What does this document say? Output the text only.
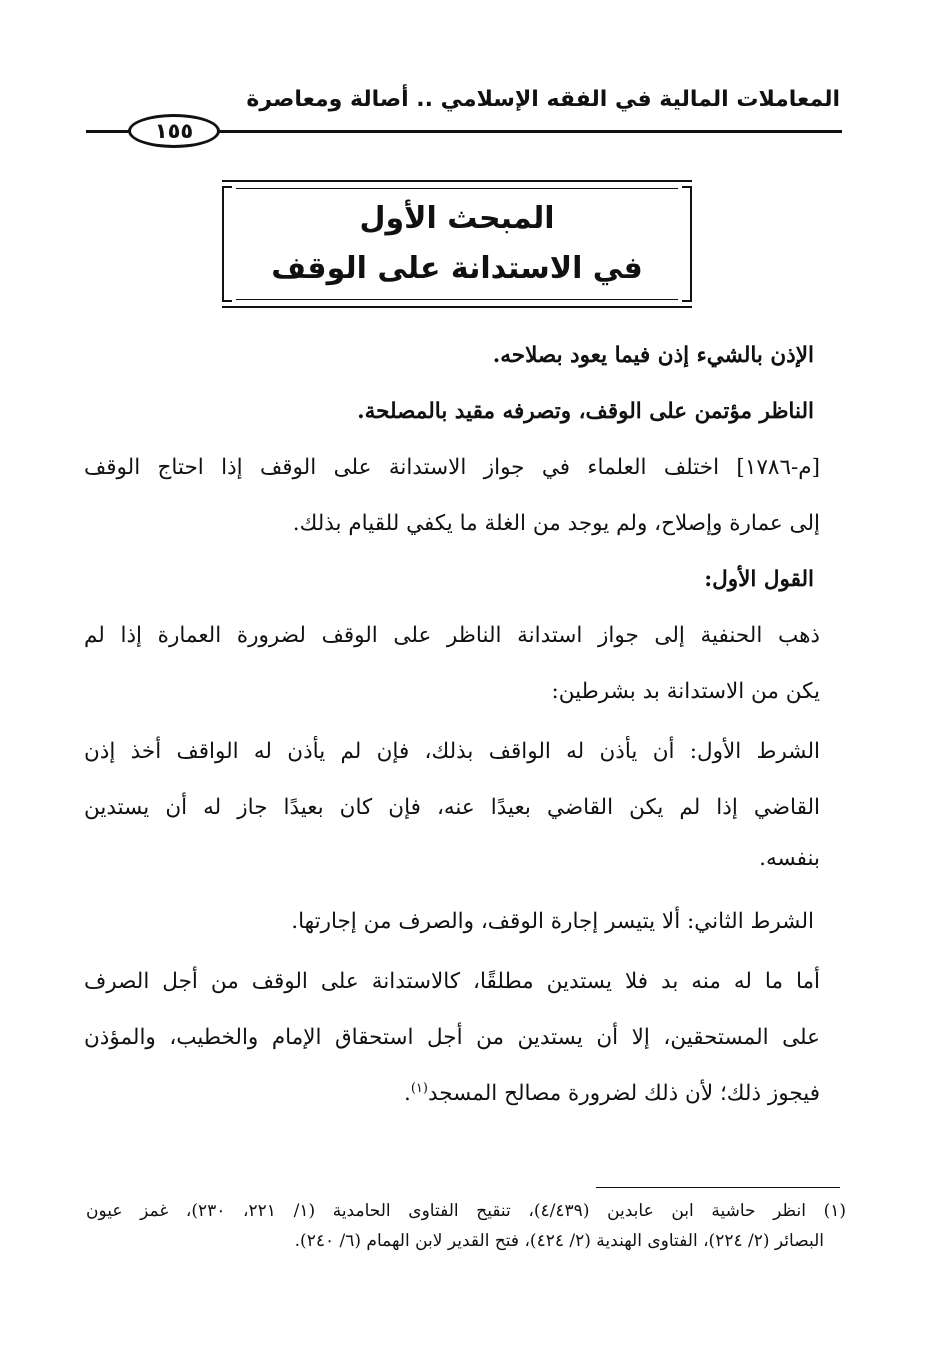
المعاملات المالية في الفقه الإسلامي .. أصالة ومعاصرة
١٥٥
المبحث الأول
في الاستدانة على الوقف
الإذن بالشيء إذن فيما يعود بصلاحه.
الناظر مؤتمن على الوقف، وتصرفه مقيد بالمصلحة.
[م-١٧٨٦] اختلف العلماء في جواز الاستدانة على الوقف إذا احتاج الوقف
إلى عمارة وإصلاح، ولم يوجد من الغلة ما يكفي للقيام بذلك.
القول الأول:
ذهب الحنفية إلى جواز استدانة الناظر على الوقف لضرورة العمارة إذا لم
يكن من الاستدانة بد بشرطين:
الشرط الأول: أن يأذن له الواقف بذلك، فإن لم يأذن له الواقف أخذ إذن
القاضي إذا لم يكن القاضي بعيدًا عنه، فإن كان بعيدًا جاز له أن يستدين
بنفسه.
الشرط الثاني: ألا يتيسر إجارة الوقف، والصرف من إجارتها.
أما ما له منه بد فلا يستدين مطلقًا، كالاستدانة على الوقف من أجل الصرف
على المستحقين، إلا أن يستدين من أجل استحقاق الإمام والخطيب، والمؤذن
فيجوز ذلك؛ لأن ذلك لضرورة مصالح المسجد$^{(١)}$.
(١) انظر حاشية ابن عابدين (٤/٤٣٩)، تنقيح الفتاوى الحامدية (١/ ٢٢١، ٢٣٠)، غمز عيون
البصائر (٢/ ٢٢٤)، الفتاوى الهندية (٢/ ٤٢٤)، فتح القدير لابن الهمام (٦/ ٢٤٠).
